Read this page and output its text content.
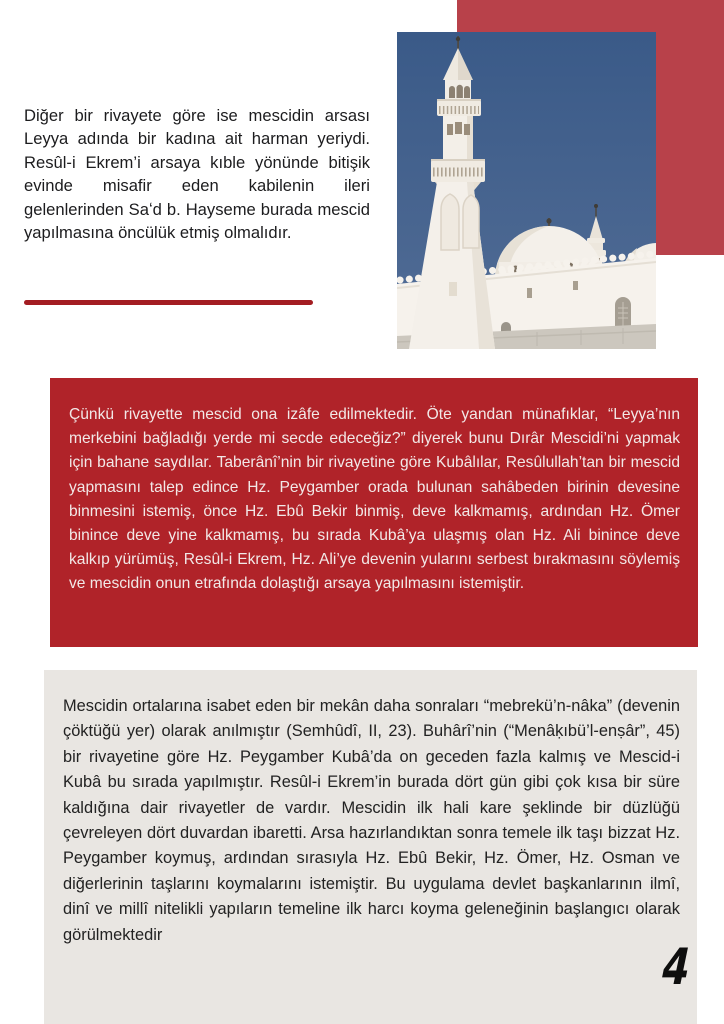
Diğer bir rivayete göre ise mescidin arsası Leyya adında bir kadına ait harman yeriydi. Resûl-i Ekrem’i arsaya kıble yönünde bitişik evinde misafir eden kabilenin ileri gelenlerinden Saʻd b. Hayseme burada mescid yapılmasına öncülük etmiş olmalıdır.

Çünkü rivayette mescid ona izâfe edilmektedir. Öte yandan münafıklar, “Leyya’nın merkebini bağladığı yerde mi secde edeceğiz?” diyerek bunu Dırâr Mescidi’ni yapmak için bahane saydılar. Taberânî’nin bir rivayetine göre Kubâlılar, Resûlullah’tan bir mescid yapmasını talep edince Hz. Peygamber orada bulunan sahâbeden birinin devesine binmesini istemiş, önce Hz. Ebû Bekir binmiş, deve kalkmamış, ardından Hz. Ömer binince deve yine kalkmamış, bu sırada Kubâ’ya ulaşmış olan Hz. Ali binince deve kalkıp yürümüş, Resûl-i Ekrem, Hz. Ali’ye devenin yularını serbest bırakmasını söylemiş ve mescidin onun etrafında dolaştığı arsaya yapılmasını istemiştir.

Mescidin ortalarına isabet eden bir mekân daha sonraları “mebrekü’n-nâka” (devenin çöktüğü yer) olarak anılmıştır (Semhûdî, II, 23). Buhârî’nin (“Menâḳıbü’l-enṣâr”, 45) bir rivayetine göre Hz. Peygamber Kubâ’da on geceden fazla kalmış ve Mescid-i Kubâ bu sırada yapılmıştır. Resûl-i Ekrem’in burada dört gün gibi çok kısa bir süre kaldığına dair rivayetler de vardır. Mescidin ilk hali kare şeklinde bir düzlüğü çevreleyen dört duvardan ibaretti. Arsa hazırlandıktan sonra temele ilk taşı bizzat Hz. Peygamber koymuş, ardından sırasıyla Hz. Ebû Bekir, Hz. Ömer, Hz. Osman ve diğerlerinin taşlarını koymalarını istemiştir. Bu uygulama devlet başkanlarının ilmî, dinî ve millî nitelikli yapıların temeline ilk harcı koyma geleneğinin başlangıcı olarak görülmektedir

4
